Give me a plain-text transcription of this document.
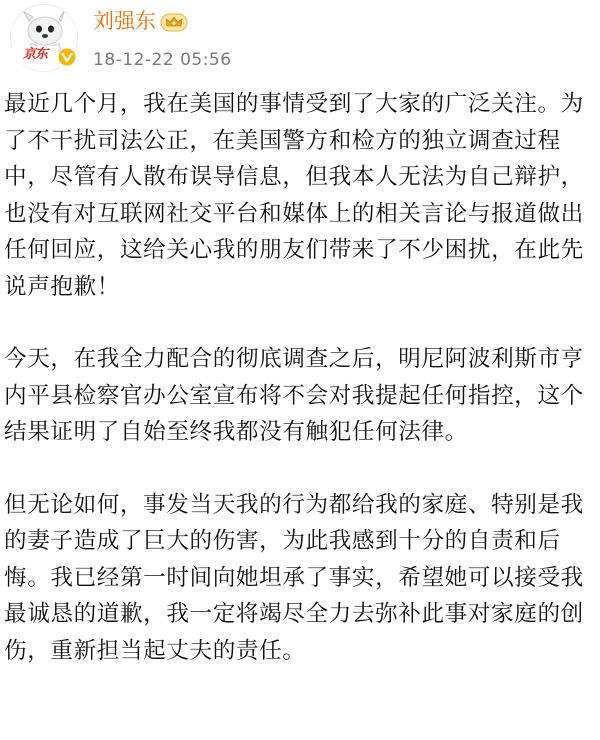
京东
刘强东
18-12-22 05:56

最近几个月，我在美国的事情受到了大家的广泛关注。为了不干扰司法公正，在美国警方和检方的独立调查过程中，尽管有人散布误导信息，但我本人无法为自己辩护，也没有对互联网社交平台和媒体上的相关言论与报道做出任何回应，这给关心我的朋友们带来了不少困扰，在此先说声抱歉！

今天，在我全力配合的彻底调查之后，明尼阿波利斯市亨内平县检察官办公室宣布将不会对我提起任何指控，这个结果证明了自始至终我都没有触犯任何法律。

但无论如何，事发当天我的行为都给我的家庭、特别是我的妻子造成了巨大的伤害，为此我感到十分的自责和后悔。我已经第一时间向她坦承了事实，希望她可以接受我最诚恳的道歉，我一定将竭尽全力去弥补此事对家庭的创伤，重新担当起丈夫的责任。
